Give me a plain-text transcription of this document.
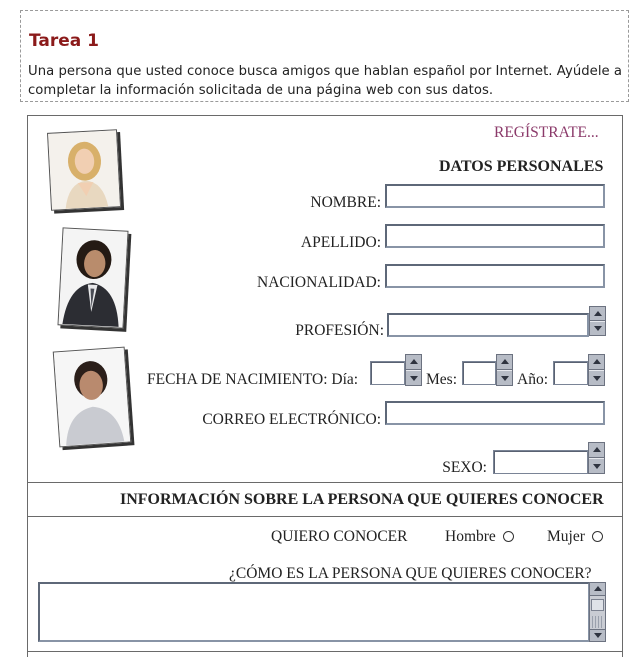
Tarea 1
Una persona que usted conoce busca amigos que hablan español por Internet. Ayúdele a
completar la información solicitada de una página web con sus datos.
REGÍSTRATE...
DATOS PERSONALES
NOMBRE:
APELLIDO:
NACIONALIDAD:
PROFESIÓN:
FECHA DE NACIMIENTO: Día:	Mes:	Año:
CORREO ELECTRÓNICO:
SEXO:
INFORMACIÓN SOBRE LA PERSONA QUE QUIERES CONOCER
QUIERO CONOCER Hombre	Mujer
¿CÓMO ES LA PERSONA QUE QUIERES CONOCER?
